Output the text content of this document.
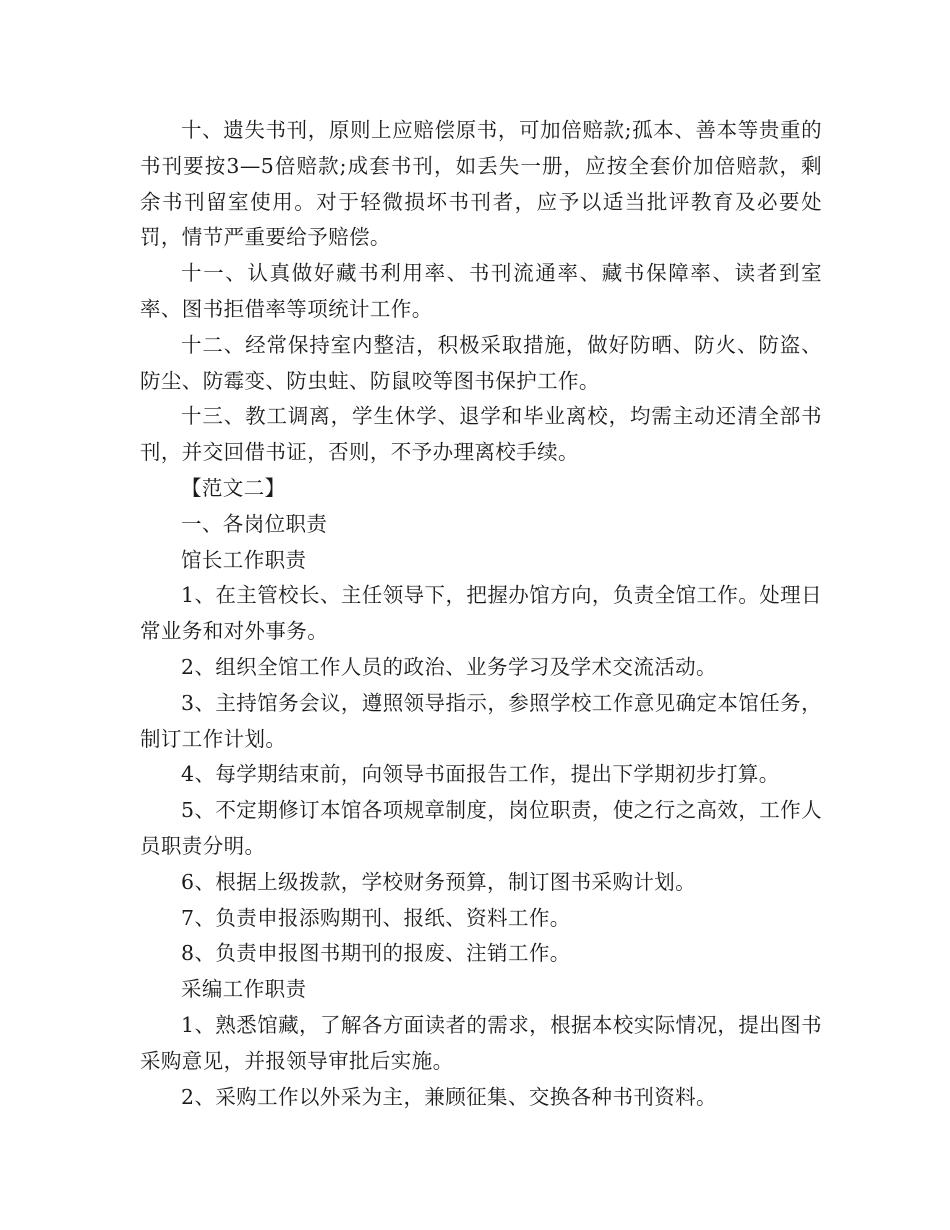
十、遗失书刊，原则上应赔偿原书，可加倍赔款;孤本、善本等贵重的书刊要按3—5倍赔款;成套书刊，如丢失一册，应按全套价加倍赔款，剩余书刊留室使用。对于轻微损坏书刊者，应予以适当批评教育及必要处罚，情节严重要给予赔偿。

十一、认真做好藏书利用率、书刊流通率、藏书保障率、读者到室率、图书拒借率等项统计工作。

十二、经常保持室内整洁，积极采取措施，做好防晒、防火、防盗、防尘、防霉变、防虫蛀、防鼠咬等图书保护工作。

十三、教工调离，学生休学、退学和毕业离校，均需主动还清全部书刊，并交回借书证，否则，不予办理离校手续。

【范文二】

一、各岗位职责

馆长工作职责

1、在主管校长、主任领导下，把握办馆方向，负责全馆工作。处理日常业务和对外事务。

2、组织全馆工作人员的政治、业务学习及学术交流活动。

3、主持馆务会议，遵照领导指示，参照学校工作意见确定本馆任务，制订工作计划。

4、每学期结束前，向领导书面报告工作，提出下学期初步打算。

5、不定期修订本馆各项规章制度，岗位职责，使之行之高效，工作人员职责分明。

6、根据上级拨款，学校财务预算，制订图书采购计划。

7、负责申报添购期刊、报纸、资料工作。

8、负责申报图书期刊的报废、注销工作。

采编工作职责

1、熟悉馆藏，了解各方面读者的需求，根据本校实际情况，提出图书采购意见，并报领导审批后实施。

2、采购工作以外采为主，兼顾征集、交换各种书刊资料。
